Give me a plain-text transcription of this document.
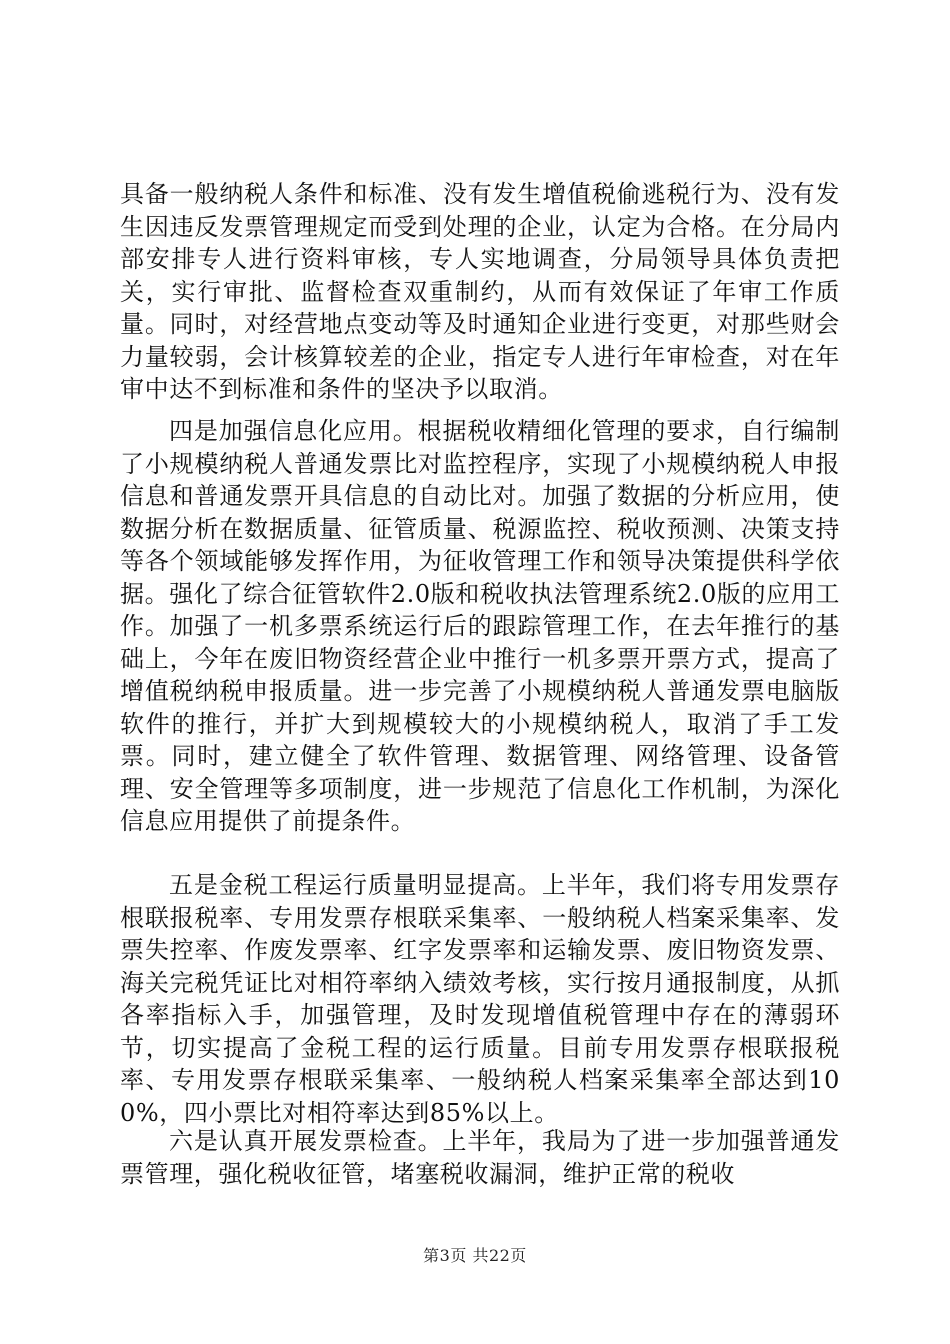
具备一般纳税人条件和标准、没有发生增值税偷逃税行为、没有发生因违反发票管理规定而受到处理的企业，认定为合格。在分局内部安排专人进行资料审核，专人实地调查，分局领导具体负责把关，实行审批、监督检查双重制约，从而有效保证了年审工作质量。同时，对经营地点变动等及时通知企业进行变更，对那些财会力量较弱，会计核算较差的企业，指定专人进行年审检查，对在年审中达不到标准和条件的坚决予以取消。

四是加强信息化应用。根据税收精细化管理的要求，自行编制了小规模纳税人普通发票比对监控程序，实现了小规模纳税人申报信息和普通发票开具信息的自动比对。加强了数据的分析应用，使数据分析在数据质量、征管质量、税源监控、税收预测、决策支持等各个领域能够发挥作用，为征收管理工作和领导决策提供科学依据。强化了综合征管软件2.0版和税收执法管理系统2.0版的应用工作。加强了一机多票系统运行后的跟踪管理工作，在去年推行的基础上，今年在废旧物资经营企业中推行一机多票开票方式，提高了增值税纳税申报质量。进一步完善了小规模纳税人普通发票电脑版软件的推行，并扩大到规模较大的小规模纳税人，取消了手工发票。同时，建立健全了软件管理、数据管理、网络管理、设备管理、安全管理等多项制度，进一步规范了信息化工作机制，为深化信息应用提供了前提条件。

五是金税工程运行质量明显提高。上半年，我们将专用发票存根联报税率、专用发票存根联采集率、一般纳税人档案采集率、发票失控率、作废发票率、红字发票率和运输发票、废旧物资发票、海关完税凭证比对相符率纳入绩效考核，实行按月通报制度，从抓各率指标入手，加强管理，及时发现增值税管理中存在的薄弱环节，切实提高了金税工程的运行质量。目前专用发票存根联报税率、专用发票存根联采集率、一般纳税人档案采集率全部达到100%，四小票比对相符率达到85%以上。

六是认真开展发票检查。上半年，我局为了进一步加强普通发票管理，强化税收征管，堵塞税收漏洞，维护正常的税收

第3页 共22页
